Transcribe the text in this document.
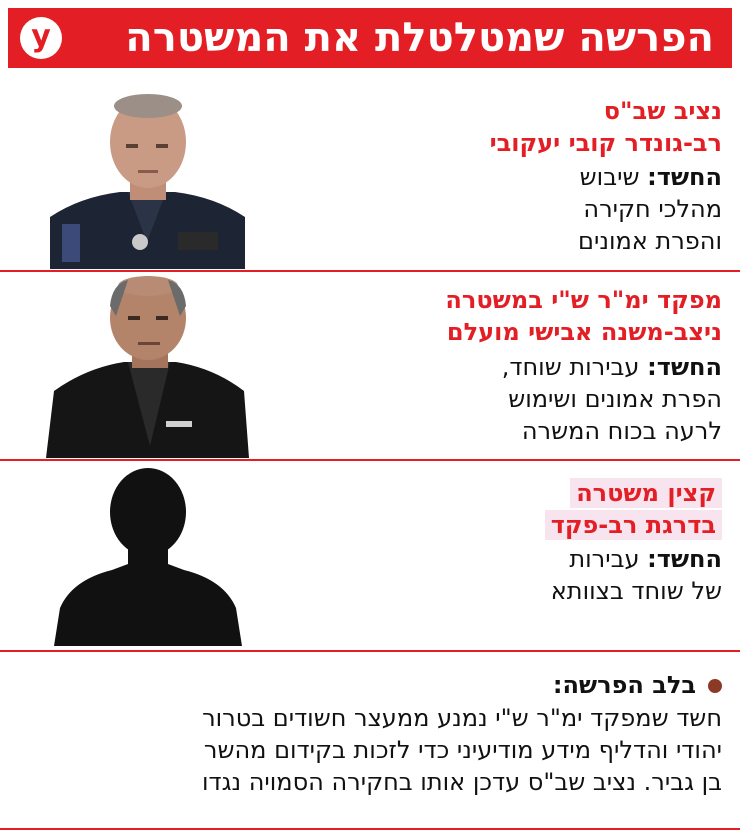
הפרשה שמטלטלת את המשטרה
y
נציב שב"ס
רב-גונדר קובי יעקובי
החשד: שיבוש
מהלכי חקירה
והפרת אמונים
מפקד ימ"ר ש"י במשטרה
ניצב-משנה אבישי מועלם
החשד: עבירות שוחד,
הפרת אמונים ושימוש
לרעה בכוח המשרה
קצין משטרה
בדרגת רב-פקד
החשד: עבירות
של שוחד בצוותא
בלב הפרשה:
חשד שמפקד ימ"ר ש"י נמנע ממעצר חשודים בטרור
יהודי והדליף מידע מודיעיני כדי לזכות בקידום מהשר
בן גביר. נציב שב"ס עדכן אותו בחקירה הסמויה נגדו
